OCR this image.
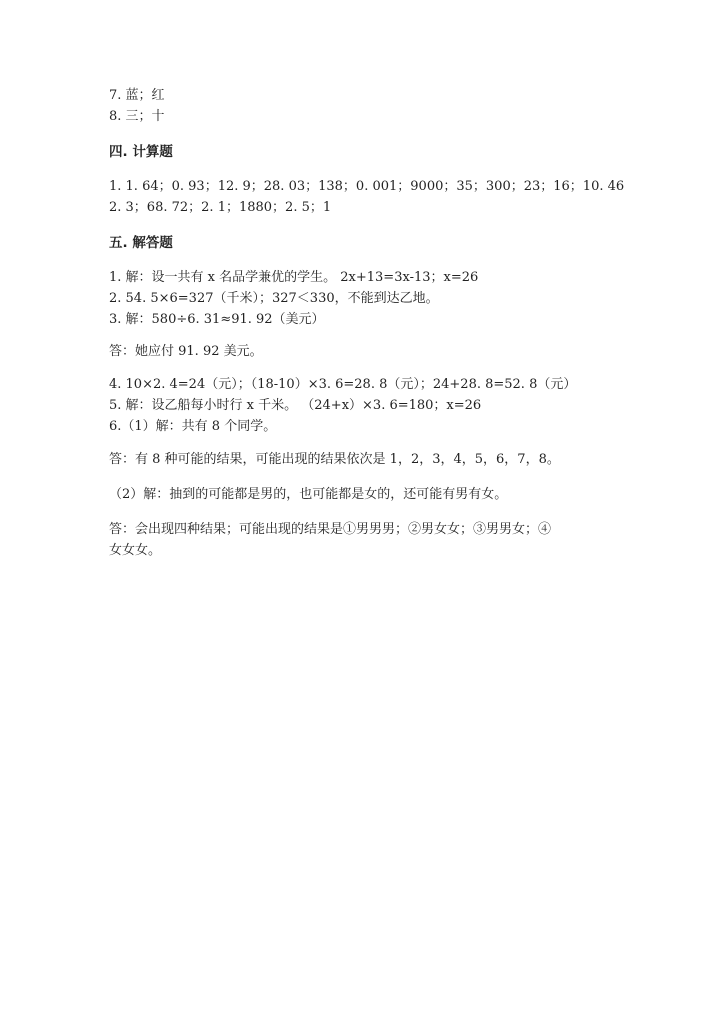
7. 蓝；红
8. 三；十
四. 计算题
1. 1. 64；0. 93；12. 9；28. 03；138；0. 001；9000；35；300；23；16；10. 46
2. 3；68. 72；2. 1；1880；2. 5；1
五. 解答题
1. 解：设一共有 x 名品学兼优的学生。 2x+13=3x-13；x=26
2. 54. 5×6=327（千米）；327＜330，不能到达乙地。
3. 解：580÷6. 31≈91. 92（美元）
答：她应付 91. 92 美元。
4. 10×2. 4=24（元）；（18-10）×3. 6=28. 8（元）；24+28. 8=52. 8（元）
5. 解：设乙船每小时行 x 千米。 （24+x）×3. 6=180；x=26
6.（1）解：共有 8 个同学。
答：有 8 种可能的结果，可能出现的结果依次是 1，2，3，4，5，6，7，8。
（2）解：抽到的可能都是男的，也可能都是女的，还可能有男有女。
答：会出现四种结果；可能出现的结果是①男男男；②男女女；③男男女；④
女女女。
